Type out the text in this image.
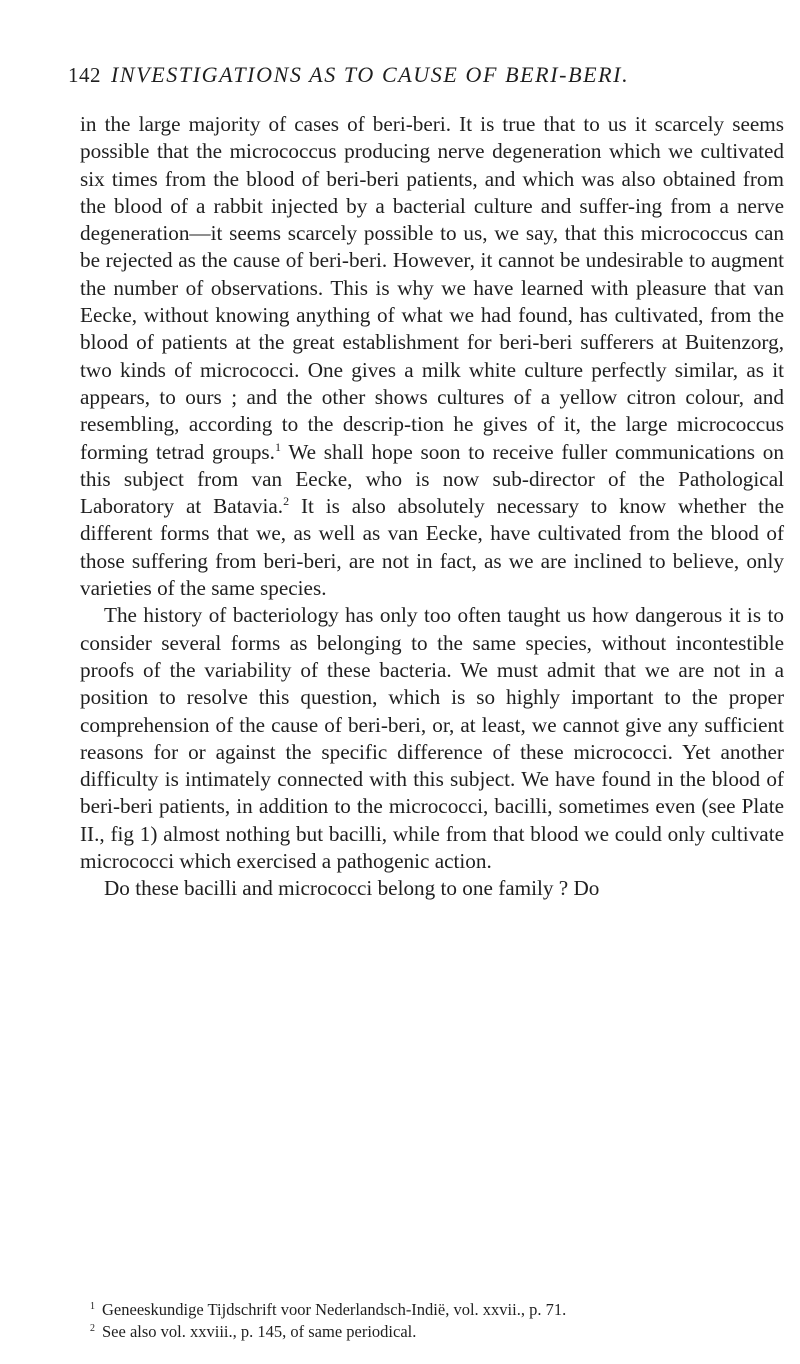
142 INVESTIGATIONS AS TO CAUSE OF BERI-BERI.

in the large majority of cases of beri-beri. It is true that to us it scarcely seems possible that the micrococcus producing nerve degeneration which we cultivated six times from the blood of beri-beri patients, and which was also obtained from the blood of a rabbit injected by a bacterial culture and suffer-ing from a nerve degeneration—it seems scarcely possible to us, we say, that this micrococcus can be rejected as the cause of beri-beri. However, it cannot be undesirable to augment the number of observations. This is why we have learned with pleasure that van Eecke, without knowing anything of what we had found, has cultivated, from the blood of patients at the great establishment for beri-beri sufferers at Buitenzorg, two kinds of micrococci. One gives a milk white culture perfectly similar, as it appears, to ours ; and the other shows cultures of a yellow citron colour, and resembling, according to the descrip-tion he gives of it, the large micrococcus forming tetrad groups.$^1$ We shall hope soon to receive fuller communications on this subject from van Eecke, who is now sub-director of the Pathological Laboratory at Batavia.$^2$ It is also absolutely necessary to know whether the different forms that we, as well as van Eecke, have cultivated from the blood of those suffering from beri-beri, are not in fact, as we are inclined to believe, only varieties of the same species.

The history of bacteriology has only too often taught us how dangerous it is to consider several forms as belonging to the same species, without incontestible proofs of the variability of these bacteria. We must admit that we are not in a position to resolve this question, which is so highly important to the proper comprehension of the cause of beri-beri, or, at least, we cannot give any sufficient reasons for or against the specific difference of these micrococci. Yet another difficulty is intimately connected with this subject. We have found in the blood of beri-beri patients, in addition to the micrococci, bacilli, sometimes even (see Plate II., fig 1) almost nothing but bacilli, while from that blood we could only cultivate micrococci which exercised a pathogenic action.

Do these bacilli and micrococci belong to one family ? Do

$^1$ Geneeskundige Tijdschrift voor Nederlandsch-Indië, vol. xxvii., p. 71.

$^2$ See also vol. xxviii., p. 145, of same periodical.
